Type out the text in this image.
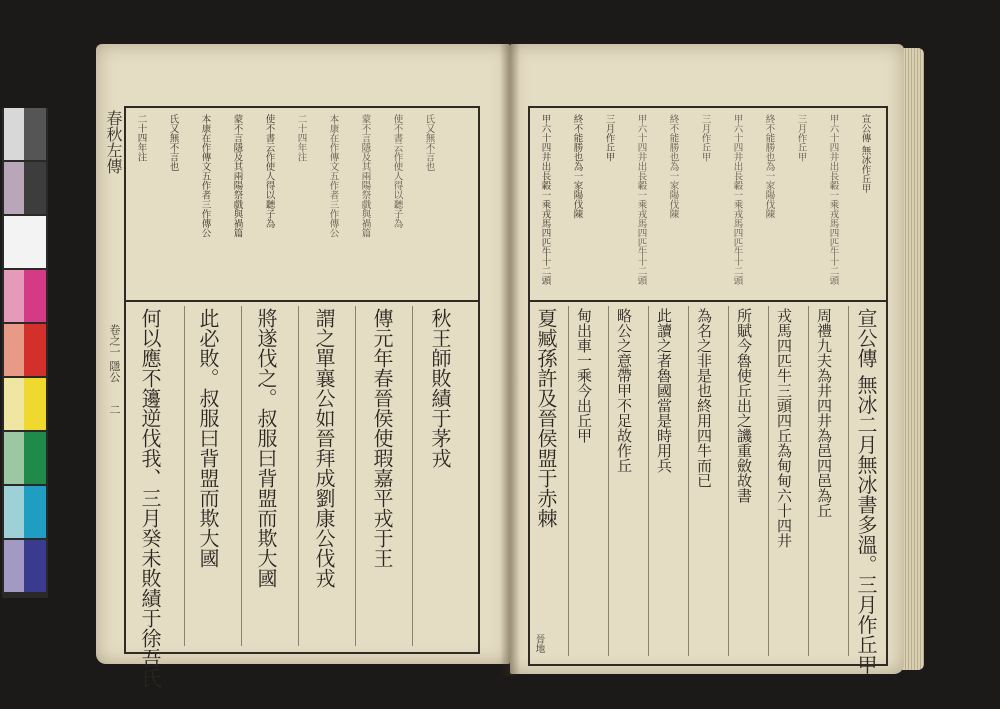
春秋左傳
卷之一 隱公
二
二十四年注 氏又無不言也 本康在作傳文五作者三作傳公 蒙不言隱及其兩陽祭戲與禍篇 使不書云作使人得以聽子為 二十四年注 本康在作傳文五作者三作傳公 蒙不言隱及其兩陽祭戲與禍篇 使不書云作使人得以聽子為 氏又無不言也
何以應不籩逆伐我、三月癸未敗績于徐吾氏 此必敗。叔服曰背盟而欺大國 將遂伐之。叔服曰背盟而欺大國 謂之單襄公如晉拜成劉康公伐戎 傳元年春晉侯使瑕嘉平戎于王 秋王師敗績于茅戎
甲六十四井出長轂一乘戎馬四匹牛十二頭 終不能勝也為一家陽伐陳 三月作丘甲 甲六十四井出長轂一乘戎馬四匹牛十二頭 終不能勝也為一家陽伐陳 三月作丘甲 甲六十四井出長轂一乘戎馬四匹牛十二頭 終不能勝也為一家陽伐陳 三月作丘甲 甲六十四井出長轂一乘戎馬四匹牛十二頭 宣公傳 無冰作丘甲
宣公傳 無冰二月無冰書多溫。三月作丘甲
周禮九夫為井四井為邑四邑為丘
戎馬四匹牛三頭四丘為甸甸六十四井
所賦今魯使丘出之譏重斂故書
為名之非是也終用四牛而已
此讀之者魯國當是時用兵
略公之意帶甲不足故作丘
甸出車一乘今出丘甲
夏臧孫許及晉侯盟于赤棘
晉地
